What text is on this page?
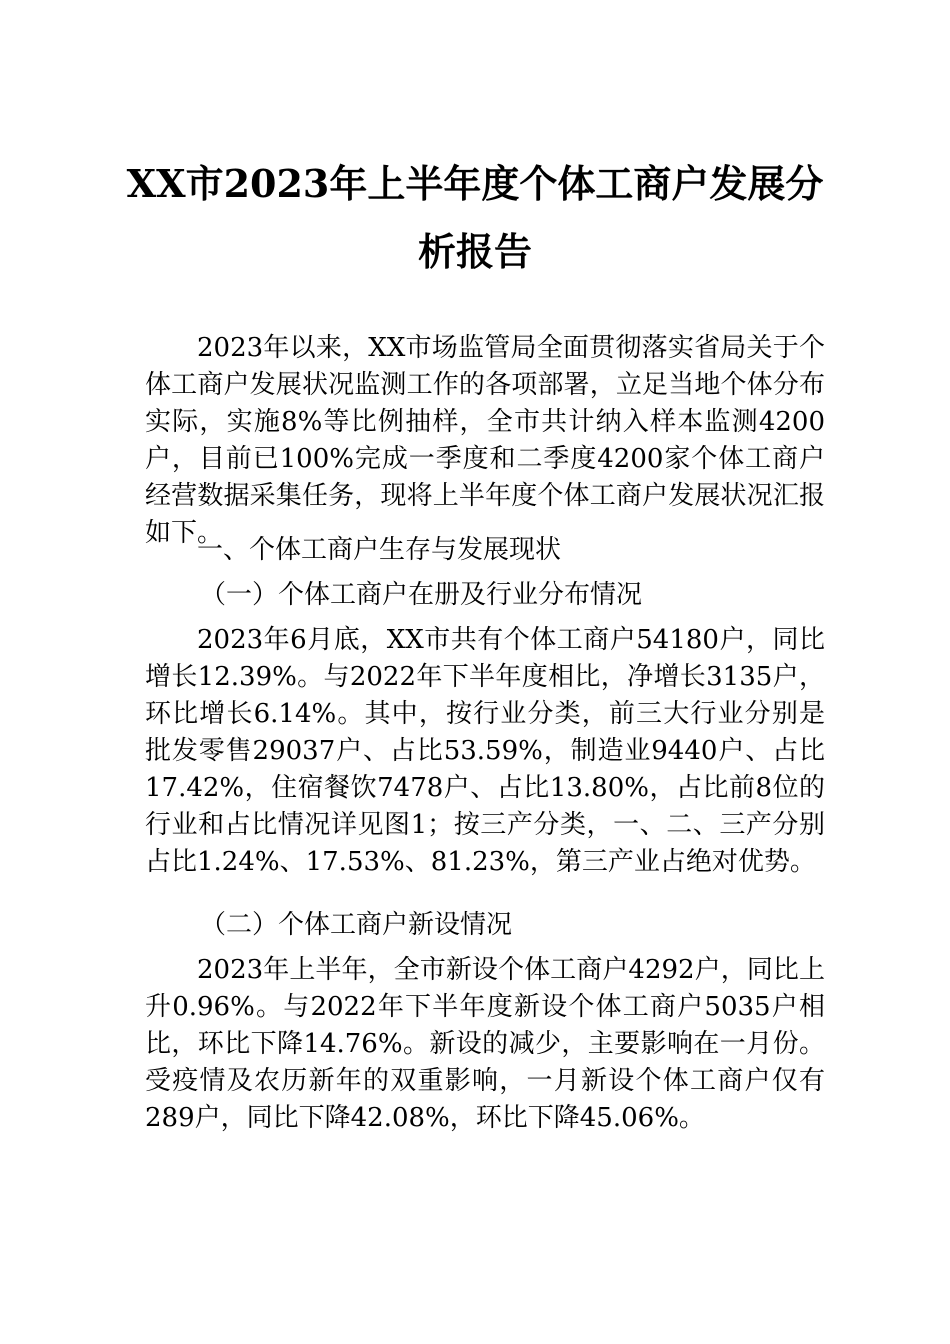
XX市2023年上半年度个体工商户发展分
析报告

2023年以来，XX市场监管局全面贯彻落实省局关于个体工商户发展状况监测工作的各项部署，立足当地个体分布实际，实施8%等比例抽样，全市共计纳入样本监测4200户，目前已100%完成一季度和二季度4200家个体工商户经营数据采集任务，现将上半年度个体工商户发展状况汇报如下。

一、个体工商户生存与发展现状

（一）个体工商户在册及行业分布情况

2023年6月底，XX市共有个体工商户54180户，同比增长12.39%。与2022年下半年度相比，净增长3135户，环比增长6.14%。其中，按行业分类，前三大行业分别是批发零售29037户、占比53.59%，制造业9440户、占比17.42%，住宿餐饮7478户、占比13.80%，占比前8位的行业和占比情况详见图1；按三产分类，一、二、三产分别占比1.24%、17.53%、81.23%，第三产业占绝对优势。

（二）个体工商户新设情况

2023年上半年，全市新设个体工商户4292户，同比上升0.96%。与2022年下半年度新设个体工商户5035户相比，环比下降14.76%。新设的减少，主要影响在一月份。受疫情及农历新年的双重影响，一月新设个体工商户仅有289户，同比下降42.08%，环比下降45.06%。
